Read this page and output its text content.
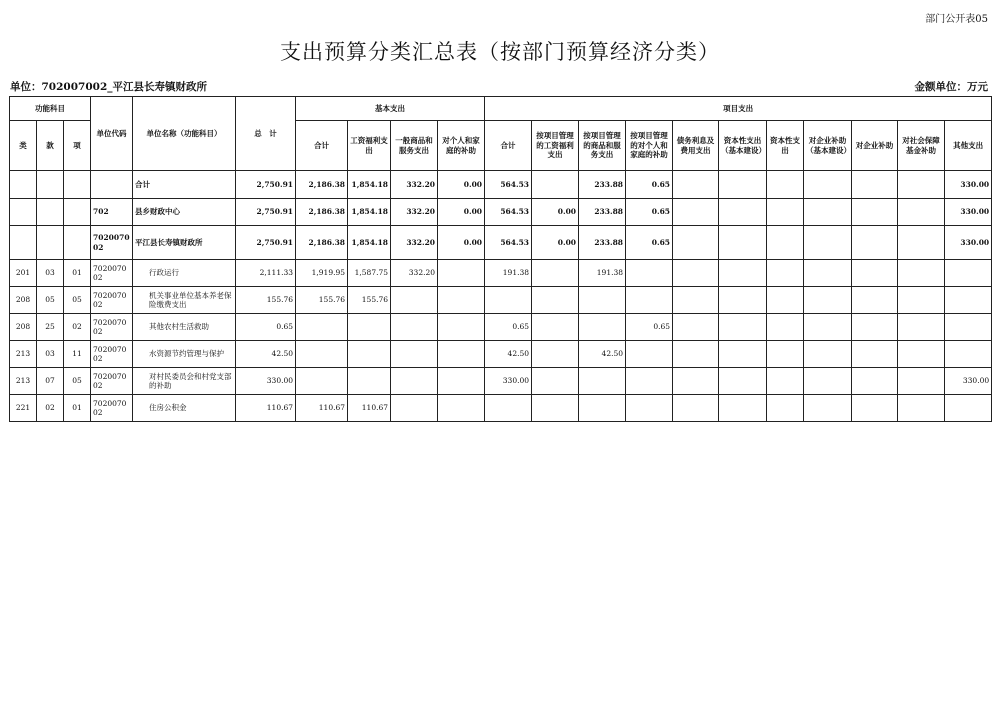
部门公开表05
支出预算分类汇总表（按部门预算经济分类）
单位：702007002_平江县长寿镇财政所	金额单位：万元
功能科目			单位代码	单位名称（功能科目）	总　计	基本支出				项目支出										
类	款	项				合计	工资福利支出	一般商品和服务支出	对个人和家庭的补助	合计	按项目管理的工资福利支出	按项目管理的商品和服务支出	按项目管理的对个人和家庭的补助	债务利息及费用支出	资本性支出（基本建设）	资本性支出	对企业补助（基本建设）	对企业补助	对社会保障基金补助	其他支出
				合计	2,750.91	2,186.38	1,854.18	332.20	0.00	564.53		233.88	0.65							330.00
			702	县乡财政中心	2,750.91	2,186.38	1,854.18	332.20	0.00	564.53	0.00	233.88	0.65							330.00
			702007002	平江县长寿镇财政所	2,750.91	2,186.38	1,854.18	332.20	0.00	564.53	0.00	233.88	0.65							330.00
201	03	01	702007002	行政运行	2,111.33	1,919.95	1,587.75	332.20		191.38		191.38								
208	05	05	702007002	机关事业单位基本养老保险缴费支出	155.76	155.76	155.76													
208	25	02	702007002	其他农村生活救助	0.65					0.65			0.65							
213	03	11	702007002	水资源节约管理与保护	42.50					42.50		42.50								
213	07	05	702007002	对村民委员会和村党支部的补助	330.00					330.00										330.00
221	02	01	702007002	住房公积金	110.67	110.67	110.67													
